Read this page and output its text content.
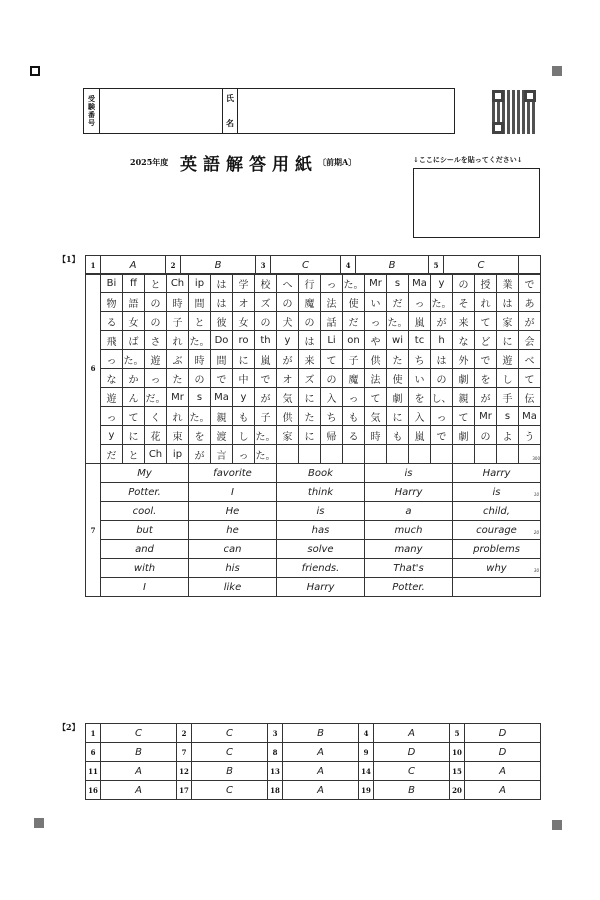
受験番号	氏
名
2025年度 英語解答用紙 〔前期A〕	↓ここにシールを貼ってください↓
【1】
1	A	2	B	3	C	4	B	5	C	
6	Bi	ff	と	Ch	ip	は	学	校	へ	行	っ	た。	Mr	s	Ma	y	の	授	業	で
	物	語	の	時	間	は	オ	ズ	の	魔	法	使	い	だ	っ	た。	そ	れ	は	あ
	る	女	の	子	と	彼	女	の	犬	の	話	だ	っ	た。	嵐	が	来	て	家	が
	飛	ば	さ	れ	た。	Do	ro	th	y	は	Li	on	や	wi	tc	h	な	ど	に	会
	っ	た。	遊	ぶ	時	間	に	嵐	が	来	て	子	供	た	ち	は	外	で	遊	べ
	な	か	っ	た	の	で	中	で	オ	ズ	の	魔	法	使	い	の	劇	を	し	て
	遊	ん	だ。	Mr	s	Ma	y	が	気	に	入	っ	て	劇	を	し、	親	が	手	伝
	っ	て	く	れ	た。	親	も	子	供	た	ち	も	気	に	入	っ	て	Mr	s	Ma
	y	に	花	束	を	渡	し	た。	家	に	帰	る	時	も	嵐	で	劇	の	よ	う
	だ	と	Ch	ip	が	言	っ	た。												300
7	My	favorite	Book	is	Harry
	Potter.	I	think	Harry	is 10

	cool.	He	is	a	child,
	but	he	has	much	courage 20

	and	can	solve	many	problems
	with	his	friends.	That's	why 30

	I	like	Harry	Potter.	
【2】
1	C	2	C	3	B	4	A	5	D
6	B	7	C	8	A	9	D	10	D
11	A	12	B	13	A	14	C	15	A
16	A	17	C	18	A	19	B	20	A
